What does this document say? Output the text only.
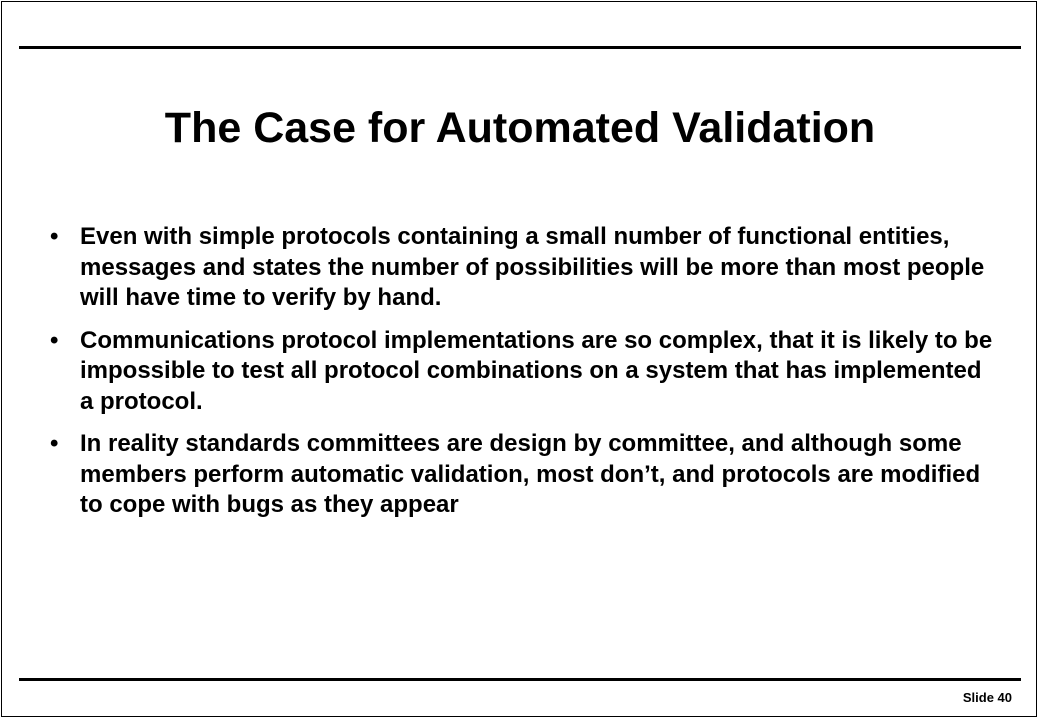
The Case for Automated Validation
• Even with simple protocols containing a small number of functional entities, messages and states the number of possibilities will be more than most people will have time to verify by hand.
• Communications protocol implementations are so complex, that it is likely to be impossible to test all protocol combinations on a system that has implemented a protocol.
• In reality standards committees are design by committee, and although some members perform automatic validation, most don’t, and protocols are modified to cope with bugs as they appear
Slide 40
